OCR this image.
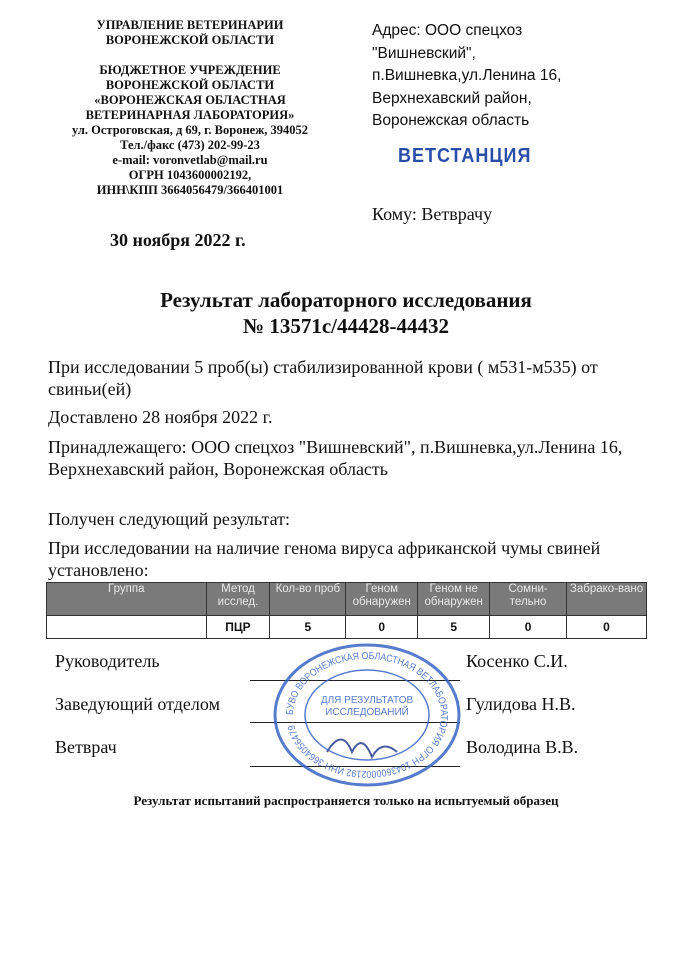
УПРАВЛЕНИЕ ВЕТЕРИНАРИИ
ВОРОНЕЖСКОЙ ОБЛАСТИ
БЮДЖЕТНОЕ УЧРЕЖДЕНИЕ
ВОРОНЕЖСКОЙ ОБЛАСТИ
«ВОРОНЕЖСКАЯ ОБЛАСТНАЯ
ВЕТЕРИНАРНАЯ ЛАБОРАТОРИЯ»
ул. Остроговская, д 69, г. Воронеж, 394052
Тел./факс (473) 202-99-23
e-mail: voronvetlab@mail.ru
ОГРН 1043600002192,
ИНН\КПП 3664056479/366401001
Адрес: ООО спецхоз
"Вишневский",
п.Вишневка,ул.Ленина 16,
Верхнехавский район,
Воронежская область
ВЕТСТАНЦИЯ
Кому: Ветврачу
30 ноября 2022 г.
Результат лабораторного исследования
№ 13571с/44428-44432
При исследовании 5 проб(ы) стабилизированной крови ( м531-м535) от свиньи(ей)
Доставлено 28 ноября 2022 г.
Принадлежащего: ООО спецхоз "Вишневский", п.Вишневка,ул.Ленина 16, Верхнехавский район, Воронежская область
Получен следующий результат:
При исследовании на наличие генома вируса африканской чумы свиней установлено:
Группа	Метод исслед.	Кол-во проб	Геном обнаружен	Геном не обнаружен	Сомни-тельно	Забрако-вано
	ПЦР	5	0	5	0	0
Руководитель	Косенко С.И.
Заведующий отделом	Гулидова Н.В.
Ветврач	Володина В.В.
БУВО ВОРОНЕЖСКАЯ ОБЛАСТНАЯ ВЕТЛАБОРАТОРИЯ ОГРН 1043600002192 ИНН 3664056479
ДЛЯ РЕЗУЛЬТАТОВ ИССЛЕДОВАНИЙ
Результат испытаний распространяется только на испытуемый образец
